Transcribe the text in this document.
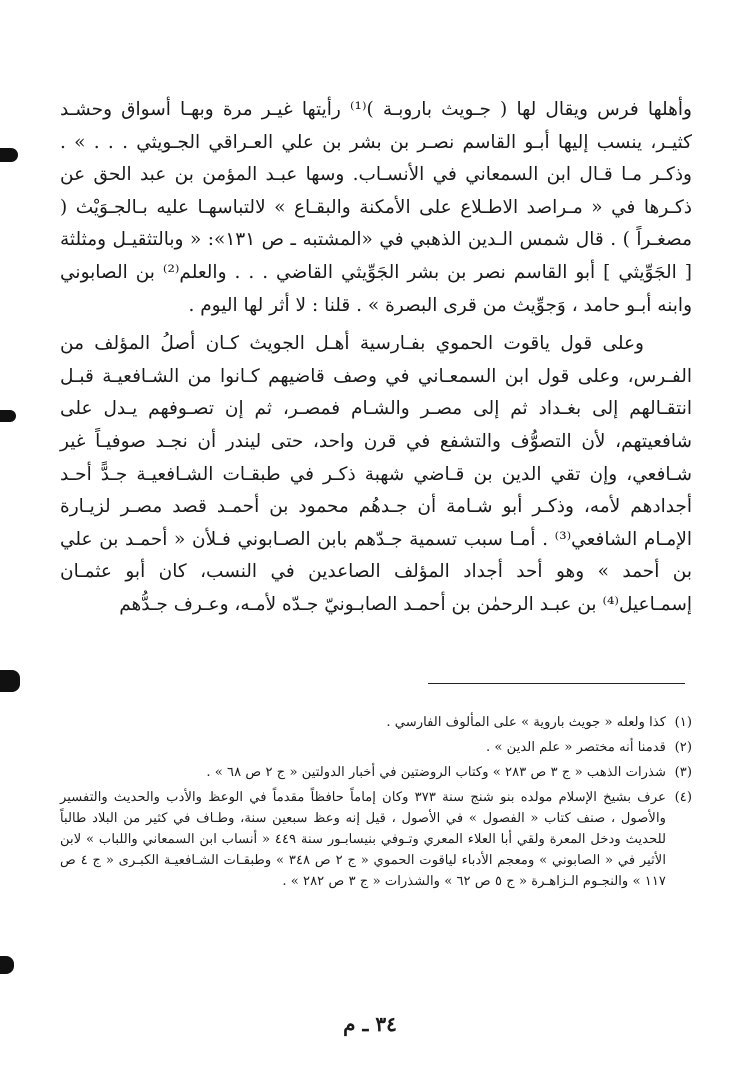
وأهلها فرس ويقال لها ( جـويث باروبـة )⁽¹⁾ رأيتها غيـر مرة وبهـا أسواق وحشـد كثيـر، ينسب إليها أبـو القاسم نصـر بن بشر بن علي العـراقي الجـويثي . . . » . وذكـر مـا قـال ابن السمعاني في الأنسـاب. وسها عبـد المؤمن بن عبد الحق عن ذكـرها في « مـراصد الاطـلاع على الأمكنة والبقـاع » لالتباسهـا عليه بـالجـوَيْث ( مصغـراً ) . قال شمس الـدين الذهبي في «المشتبه ـ ص ١٣١»: « وبالتثقيـل ومثلثة [ الجَوِّيثي ] أبو القاسم نصر بن بشر الجَوِّيثي القاضي . . . والعلم⁽²⁾ بن الصابوني وابنه أبـو حامد ، وَجوِّيث من قرى البصرة » . قلنا : لا أثر لها اليوم .

وعلى قول ياقوت الحموي بفـارسية أهـل الجويث كـان أصلُ المؤلف من الفـرس، وعلى قول ابن السمعـاني في وصف قاضيهم كـانوا من الشـافعيـة قبـل انتقـالهم إلى بغـداد ثم إلى مصـر والشـام فمصـر، ثم إن تصـوفهم يـدل على شافعيتهم، لأن التصوُّف والتشفع في قرن واحد، حتى ليندر أن نجـد صوفيـاً غير شـافعي، وإن تقي الدين بن قـاضي شهبة ذكـر في طبقـات الشـافعيـة جـدًّ أحـد أجدادهم لأمه، وذكـر أبو شـامة أن جـدهُم محمود بن أحمـد قصد مصـر لزيـارة الإمـام الشافعي⁽³⁾ . أمـا سبب تسمية جـدّهم بابن الصـابوني فـلأن « أحمـد بن علي بن أحمد » وهو أحد أجداد المؤلف الصاعدين في النسب، كان أبو عثمـان إسمـاعيل⁽⁴⁾ بن عبـد الرحمٰن بن أحمـد الصابـونيّ جـدّه لأمـه، وعـرف جـدُّهم

(١)
كذا ولعله « جويث باروية » على المألوف الفارسي .
(٢)
قدمنا أنه مختصر « علم الدين » .
(٣)
شذرات الذهب « ج ٣ ص ٢٨٣ » وكتاب الروضتين في أخبار الدولتين « ج ٢ ص ٦٨ » .
(٤)
عرف بشيخ الإسلام مولده بنو شنج سنة ٣٧٣ وكان إماماً حافظاً مقدماً في الوعظ والأدب والحديث والتفسير والأصول ، صنف كتاب « الفصول » في الأصول ، قيل إنه وعظ سبعين سنة، وطـاف في كثير من البلاد طالباً للحديث ودخل المعرة ولقي أبا العلاء المعري وتـوفي بنيسابـور سنة ٤٤٩ « أنساب ابن السمعاني واللباب » لابن الأثير في « الصابوني » ومعجم الأدباء لياقوت الحموي « ج ٢ ص ٣٤٨ » وطبقـات الشـافعيـة الكبـرى « ج ٤ ص ١١٧ » والنجـوم الـزاهـرة « ج ٥ ص ٦٢ » والشذرات « ج ٣ ص ٢٨٢ » .
٣٤ ـ م
